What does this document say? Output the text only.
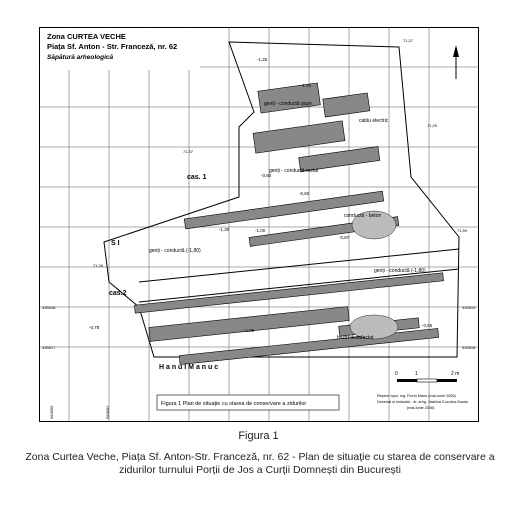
Zona CURTEA VECHE
Piața Sf. Anton - Str. Franceză, nr. 62
Săpătură arheologică
cas. 1
cas.2
S I
H a n u l M a n u c
bazin dezafectat
genți - conductă metal
conductă - beton
genți - conductă gaze
genți - conductă (-1,80)
genți - conductă (-1,80)
cablu electric
-1,25
-1,42
-0,80
-1,30	-1,00
-0,60
-0,78
-1,05
-0,87
-0,65
71,37
71,29
71,37
71,26
71,59
335518
335517
335519
335516
584690	584682
Figura 1 Plan de situație cu starea de conservare a zidurilor
0	1	2 m
Repere topo: ing. Florin Manu (mai-iunie 2006)
Desenat și redactat - dr. arhg. Vasilica Cucolea-Sandu
(mai-iunie 2006)
Figura 1
Zona Curtea Veche, Piața Sf. Anton-Str. Franceză, nr. 62 - Plan de situație cu starea de conservare a zidurilor turnului Porții de Jos a Curții Domnești din București
